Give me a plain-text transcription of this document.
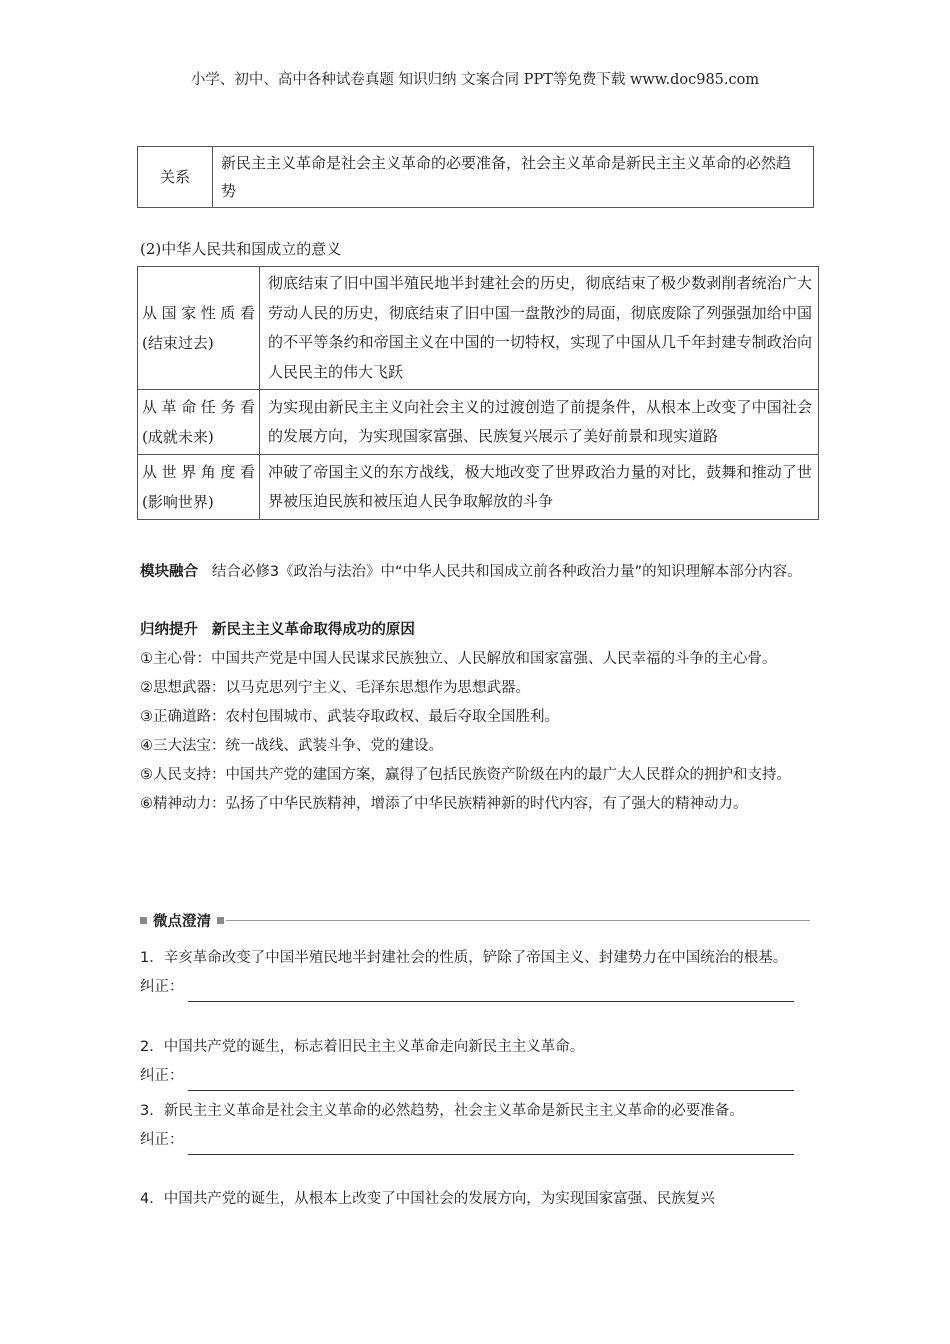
小学、初中、高中各种试卷真题 知识归纳 文案合同 PPT等免费下载 www.doc985.com
关系	新民主主义革命是社会主义革命的必要准备，社会主义革命是新民主主义革命的必然趋势
(2)中华人民共和国成立的意义
从国家性质看
(结束过去)	彻底结束了旧中国半殖民地半封建社会的历史，彻底结束了极少数剥削者统治广大劳动人民的历史，彻底结束了旧中国一盘散沙的局面，彻底废除了列强强加给中国的不平等条约和帝国主义在中国的一切特权，实现了中国从几千年封建专制政治向人民民主的伟大飞跃

从革命任务看
(成就未来)	为实现由新民主主义向社会主义的过渡创造了前提条件，从根本上改变了中国社会的发展方向，为实现国家富强、民族复兴展示了美好前景和现实道路

从世界角度看
(影响世界)	冲破了帝国主义的东方战线，极大地改变了世界政治力量的对比，鼓舞和推动了世界被压迫民族和被压迫人民争取解放的斗争
模块融合 结合必修3《政治与法治》中“中华人民共和国成立前各种政治力量”的知识理解本部分内容。
归纳提升 新民主主义革命取得成功的原因
①主心骨：中国共产党是中国人民谋求民族独立、人民解放和国家富强、人民幸福的斗争的主心骨。
②思想武器：以马克思列宁主义、毛泽东思想作为思想武器。
③正确道路：农村包围城市、武装夺取政权、最后夺取全国胜利。
④三大法宝：统一战线、武装斗争、党的建设。
⑤人民支持：中国共产党的建国方案，赢得了包括民族资产阶级在内的最广大人民群众的拥护和支持。
⑥精神动力：弘扬了中华民族精神，增添了中华民族精神新的时代内容，有了强大的精神动力。
微点澄清
1．辛亥革命改变了中国半殖民地半封建社会的性质，铲除了帝国主义、封建势力在中国统治的根基。
纠正：
2．中国共产党的诞生，标志着旧民主主义革命走向新民主主义革命。
纠正：
3．新民主主义革命是社会主义革命的必然趋势，社会主义革命是新民主主义革命的必要准备。
纠正：
4．中国共产党的诞生，从根本上改变了中国社会的发展方向，为实现国家富强、民族复兴
